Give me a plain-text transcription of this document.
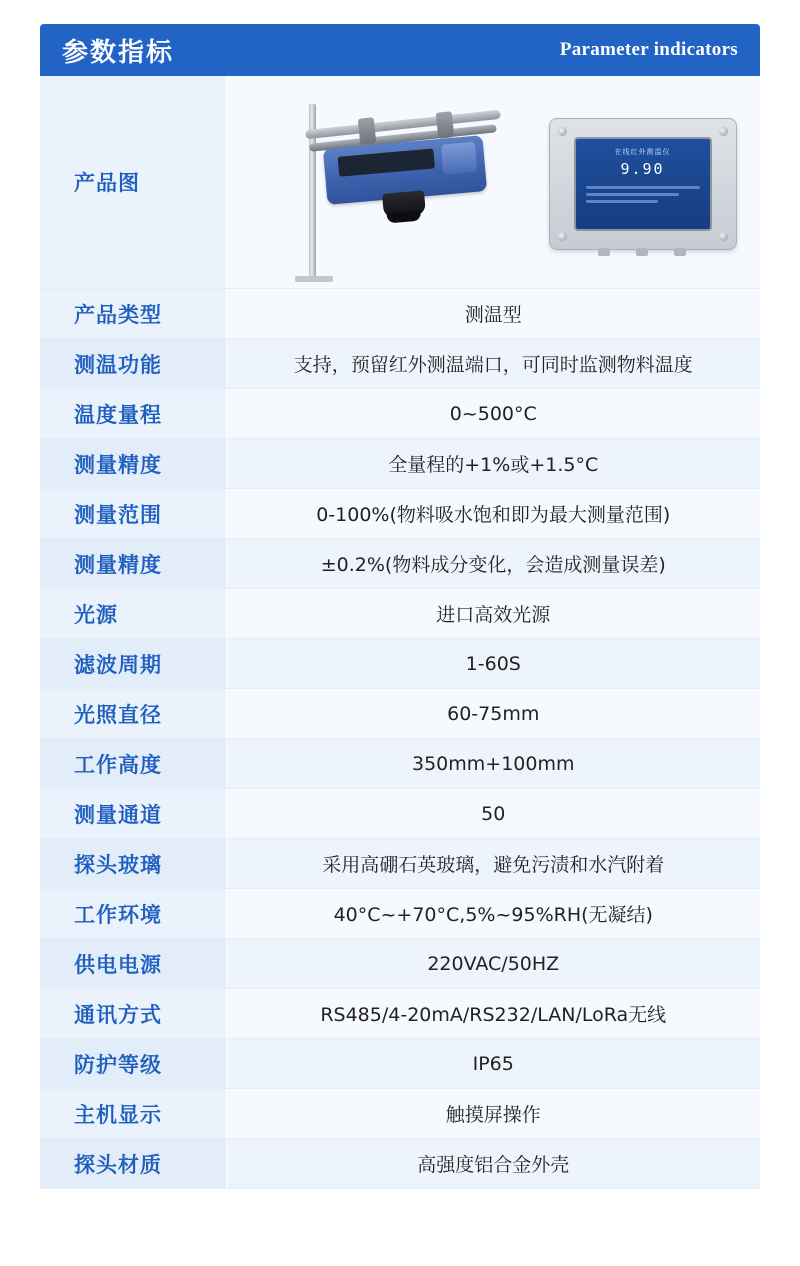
参数指标	Parameter indicators
产品图	在线红外测温仪
9.90

产品类型	测温型
测温功能	支持，预留红外测温端口，可同时监测物料温度
温度量程	0~500°C
测量精度	全量程的+1%或+1.5°C
测量范围	0-100%(物料吸水饱和即为最大测量范围)
测量精度	±0.2%(物料成分变化，会造成测量误差)
光源	进口高效光源
滤波周期	1-60S
光照直径	60-75mm
工作高度	350mm+100mm
测量通道	50
探头玻璃	采用高硼石英玻璃，避免污渍和水汽附着
工作环境	40°C~+70°C,5%~95%RH(无凝结)
供电电源	220VAC/50HZ
通讯方式	RS485/4-20mA/RS232/LAN/LoRa无线
防护等级	IP65
主机显示	触摸屏操作
探头材质	高强度铝合金外壳
